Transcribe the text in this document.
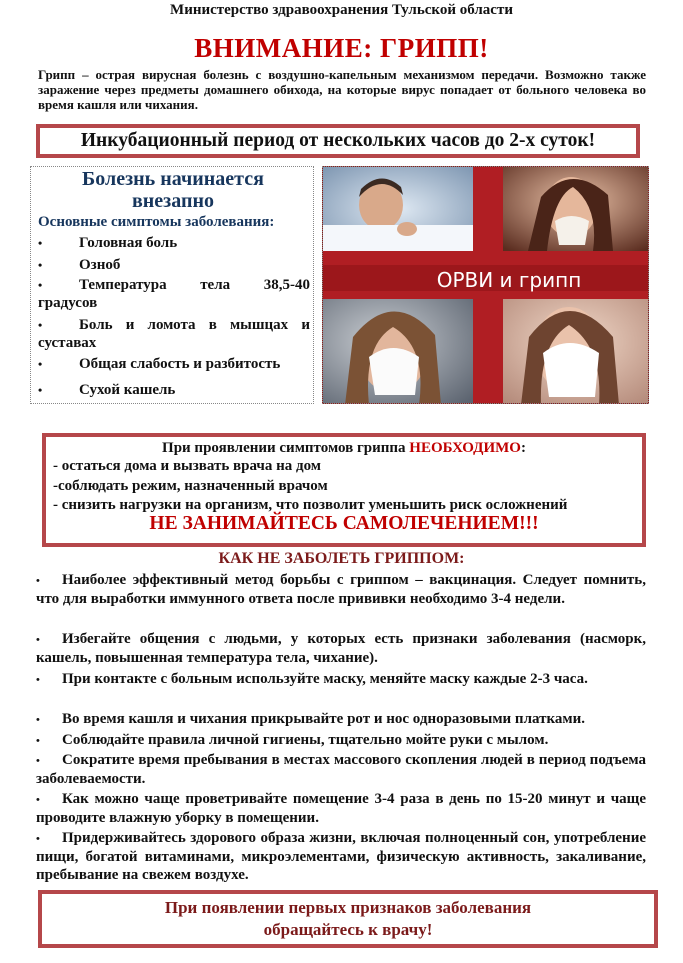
Министерство здравоохранения Тульской области
ВНИМАНИЕ: ГРИПП!
Грипп – острая вирусная болезнь с воздушно-капельным механизмом передачи. Возможно также заражение через предметы домашнего обихода, на которые вирус попадает от больного человека во время кашля или чихания.
Инкубационный период от нескольких часов до 2-х суток!
Болезнь начинается
внезапно
Основные симптомы заболевания:
•	Головная боль
•	Озноб
•	Температура тела 38,5-40
градусов
•	Боль и ломота в мышцах и
суставах
•	Общая слабость и разбитость
•	Сухой кашель
ОРВИ и грипп
При проявлении симптомов гриппа НЕОБХОДИМО:
- остаться дома и вызвать врача на дом
-соблюдать режим, назначенный врачом
- снизить нагрузки на организм, что позволит уменьшить риск осложнений
НЕ ЗАНИМАЙТЕСЬ САМОЛЕЧЕНИЕМ!!!
КАК НЕ ЗАБОЛЕТЬ ГРИППОМ:
• Наиболее эффективный метод борьбы с гриппом – вакцинация. Следует помнить, что для выработки иммунного ответа после прививки необходимо 3-4 недели.
• Избегайте общения с людьми, у которых есть признаки заболевания (насморк, кашель, повышенная температура тела, чихание).
• При контакте с больным используйте маску, меняйте маску каждые 2-3 часа.
• Во время кашля и чихания прикрывайте рот и нос одноразовыми платками.
• Соблюдайте правила личной гигиены, тщательно мойте руки с мылом.
• Сократите время пребывания в местах массового скопления людей в период подъема заболеваемости.
• Как можно чаще проветривайте помещение 3-4 раза в день по 15-20 минут и чаще проводите влажную уборку в помещении.
• Придерживайтесь здорового образа жизни, включая полноценный сон, употребление пищи, богатой витаминами, микроэлементами, физическую активность, закаливание, пребывание на свежем воздухе.
При появлении первых признаков заболевания
обращайтесь к врачу!
